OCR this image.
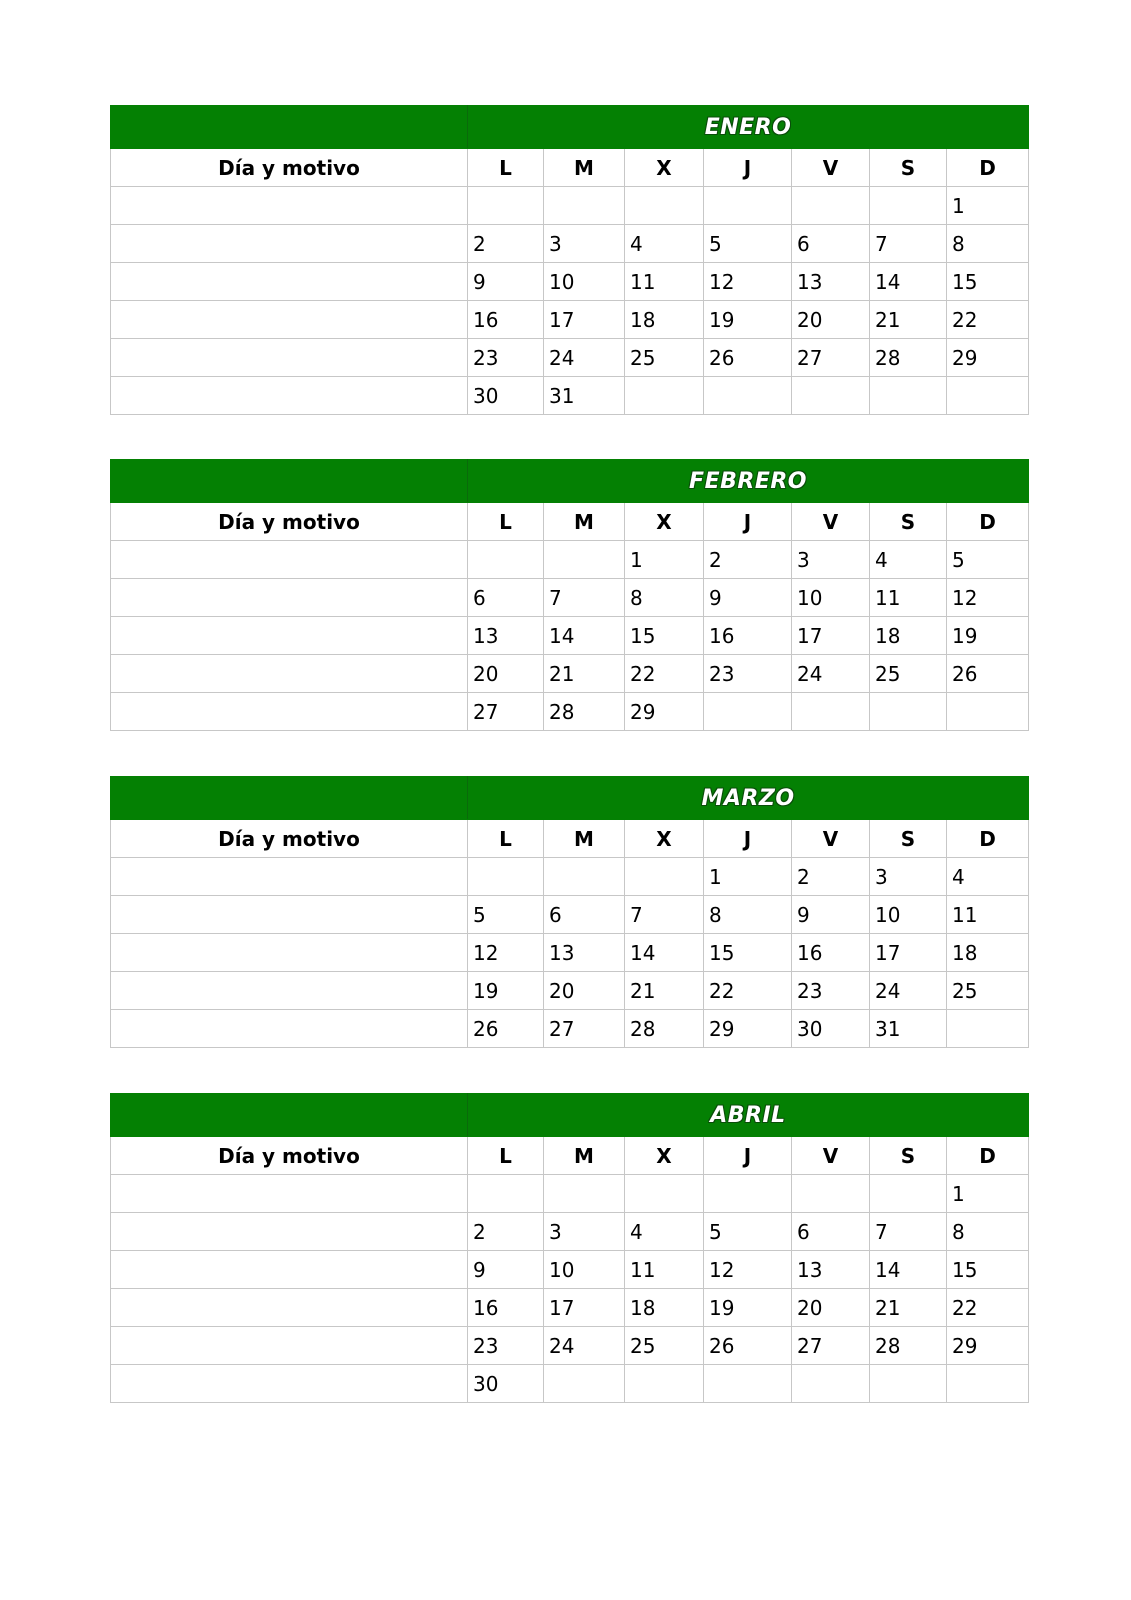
	ENERO						
Día y motivo	L	M	X	J	V	S	D
							1
	2	3	4	5	6	7	8
	9	10	11	12	13	14	15
	16	17	18	19	20	21	22
	23	24	25	26	27	28	29
	30	31					
	FEBRERO						
Día y motivo	L	M	X	J	V	S	D
			1	2	3	4	5
	6	7	8	9	10	11	12
	13	14	15	16	17	18	19
	20	21	22	23	24	25	26
	27	28	29				
	MARZO						
Día y motivo	L	M	X	J	V	S	D
				1	2	3	4
	5	6	7	8	9	10	11
	12	13	14	15	16	17	18
	19	20	21	22	23	24	25
	26	27	28	29	30	31	
	ABRIL						
Día y motivo	L	M	X	J	V	S	D
							1
	2	3	4	5	6	7	8
	9	10	11	12	13	14	15
	16	17	18	19	20	21	22
	23	24	25	26	27	28	29
	30						
